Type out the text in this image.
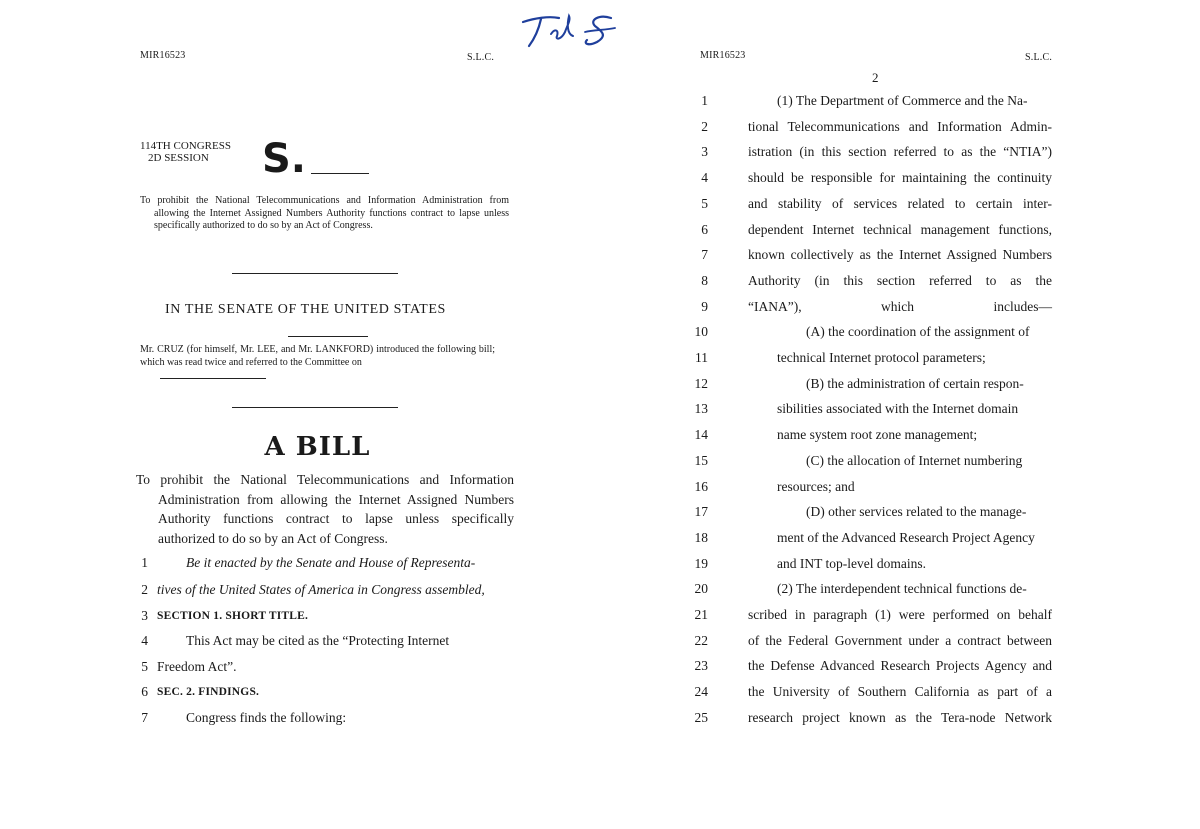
MIR16523	S.L.C.
114TH CONGRESS
2D SESSION	S.
To prohibit the National Telecommunications and Information Administration from allowing the Internet Assigned Numbers Authority functions contract to lapse unless specifically authorized to do so by an Act of Congress.
IN THE SENATE OF THE UNITED STATES
Mr. CRUZ (for himself, Mr. LEE, and Mr. LANKFORD) introduced the following bill; which was read twice and referred to the Committee on
A BILL
To prohibit the National Telecommunications and Information Administration from allowing the Internet Assigned Numbers Authority functions contract to lapse unless specifically authorized to do so by an Act of Congress.
1	Be it enacted by the Senate and House of Representa-
2 tives of the United States of America in Congress assembled,
3 SECTION 1. SHORT TITLE.
4	This Act may be cited as the “Protecting Internet
5 Freedom Act”.
6 SEC. 2. FINDINGS.
7	Congress finds the following:
MIR16523	S.L.C.
2
1	(1) The Department of Commerce and the Na-
2	tional Telecommunications and Information Admin-
3	istration (in this section referred to as the “NTIA”)
4	should be responsible for maintaining the continuity
5	and stability of services related to certain inter-
6	dependent Internet technical management functions,
7	known collectively as the Internet Assigned Numbers
8	Authority (in this section referred to as the
9	“IANA”), which includes—
10	(A) the coordination of the assignment of
11	technical Internet protocol parameters;
12	(B) the administration of certain respon-
13	sibilities associated with the Internet domain
14	name system root zone management;
15	(C) the allocation of Internet numbering
16	resources; and
17	(D) other services related to the manage-
18	ment of the Advanced Research Project Agency
19	and INT top-level domains.
20	(2) The interdependent technical functions de-
21	scribed in paragraph (1) were performed on behalf
22	of the Federal Government under a contract between
23	the Defense Advanced Research Projects Agency and
24	the University of Southern California as part of a
25	research project known as the Tera-node Network
